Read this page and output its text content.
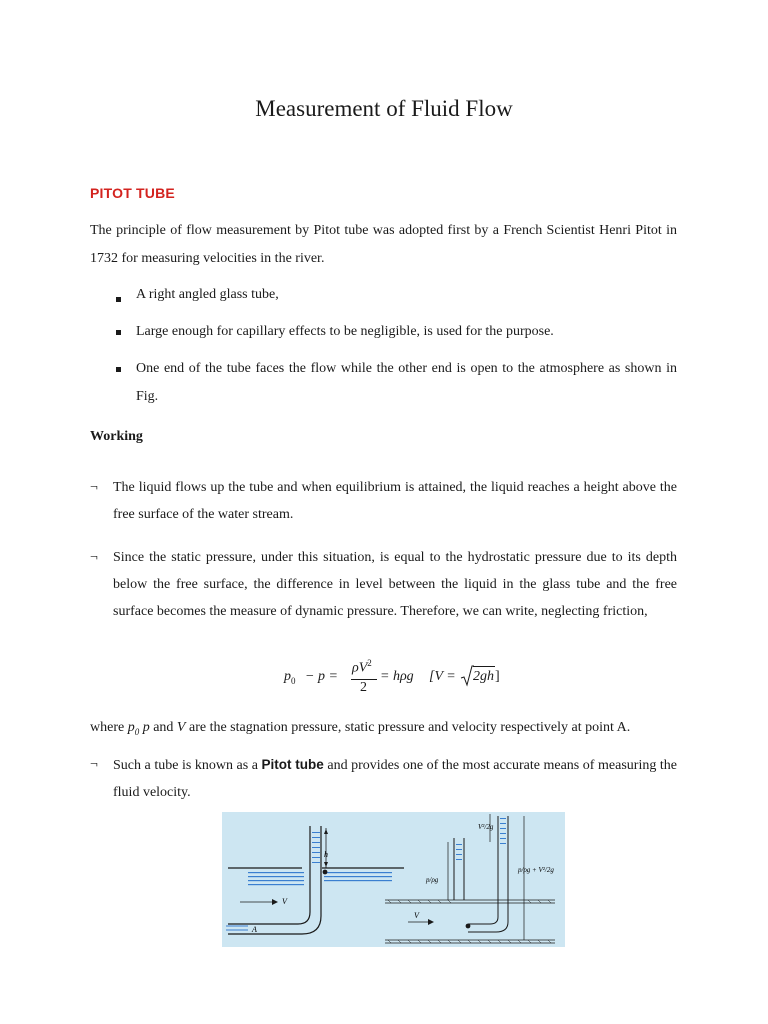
Measurement of Fluid Flow
PITOT TUBE
The principle of flow measurement by Pitot tube was adopted first by a French Scientist Henri Pitot in 1732 for measuring velocities in the river.
A right angled glass tube,
Large enough for capillary effects to be negligible, is used for the purpose.
One end of the tube faces the flow while the other end is open to the atmosphere as shown in Fig.
Working
¬ The liquid flows up the tube and when equilibrium is attained, the liquid reaches a height above the free surface of the water stream.
¬ Since the static pressure, under this situation, is equal to the hydrostatic pressure due to its depth below the free surface, the difference in level between the liquid in the glass tube and the free surface becomes the measure of dynamic pressure. Therefore, we can write, neglecting friction,
$p_0 - p$ =
$\rho V^2$
2
= hρg [V = 2gh ]
where $p_0$ p and V are the stagnation pressure, static pressure and velocity respectively at point A.
¬ Such a tube is known as a Pitot tube and provides one of the most accurate means of measuring the fluid velocity.
h
V
A
p/ρg
V²/2g
p/ρg + V²/2g
V
